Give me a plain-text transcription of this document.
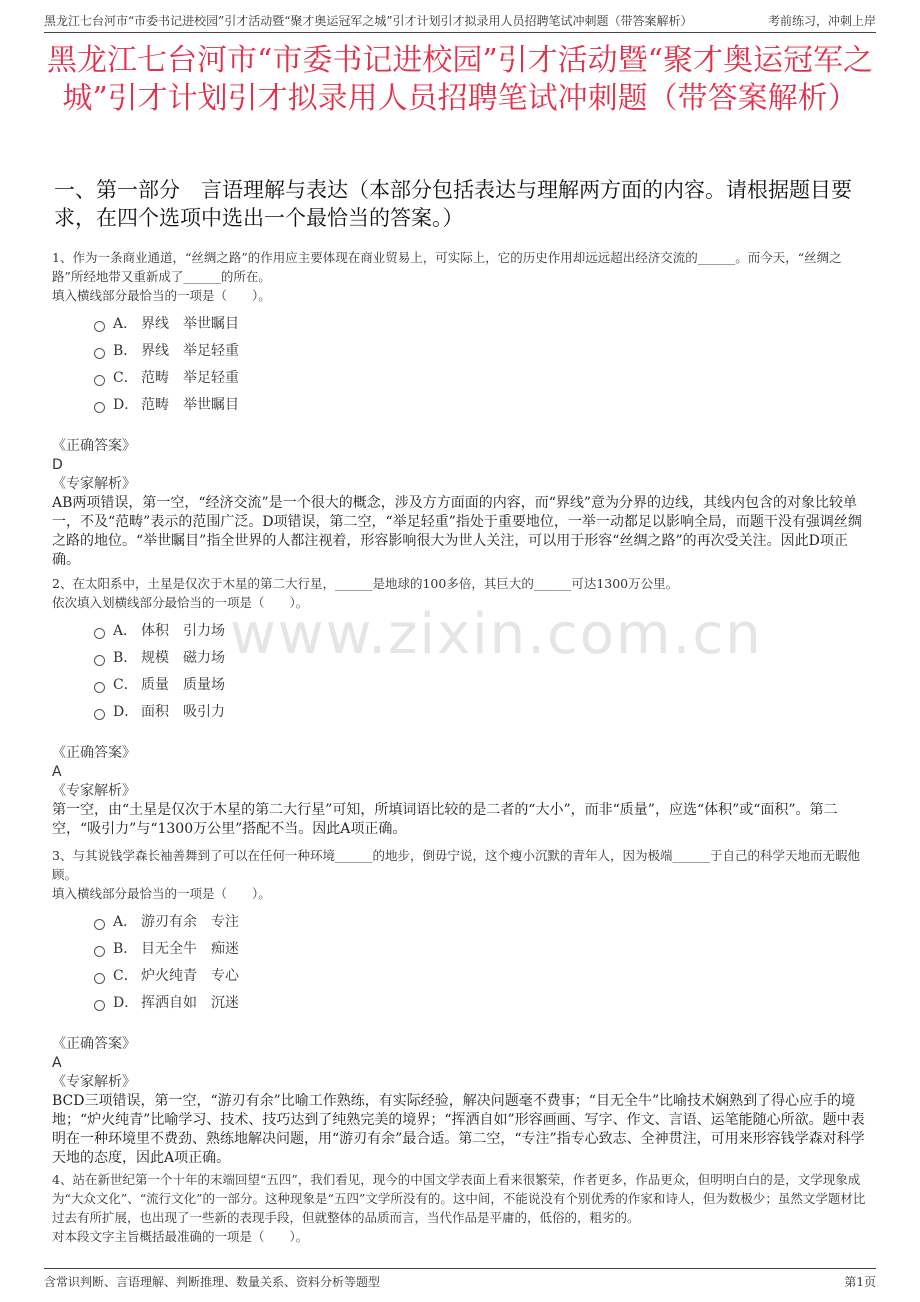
黑龙江七台河市“市委书记进校园”引才活动暨“聚才奥运冠军之城”引才计划引才拟录用人员招聘笔试冲刺题（带答案解析）	考前练习，冲刺上岸
黑龙江七台河市“市委书记进校园”引才活动暨“聚才奥运冠军之城”引才计划引才拟录用人员招聘笔试冲刺题（带答案解析）
一、第一部分　言语理解与表达（本部分包括表达与理解两方面的内容。请根据题目要求，在四个选项中选出一个最恰当的答案。）
www.zixin.com.cn

1、作为一条商业通道，“丝绸之路”的作用应主要体现在商业贸易上，可实际上，它的历史作用却远远超出经济交流的______。而今天，“丝绸之路”所经地带又重新成了______的所在。

填入横线部分最恰当的一项是（　　）。

A． 界线　举世瞩目
B． 界线　举足轻重
C． 范畴　举足轻重
D． 范畴　举世瞩目
《正确答案》
D
《专家解析》
AB两项错误，第一空，“经济交流”是一个很大的概念，涉及方方面面的内容，而“界线”意为分界的边线，其线内包含的对象比较单一，不及“范畴”表示的范围广泛。D项错误，第二空，“举足轻重”指处于重要地位，一举一动都足以影响全局，而题干没有强调丝绸之路的地位。“举世瞩目”指全世界的人都注视着，形容影响很大为世人关注，可以用于形容“丝绸之路”的再次受关注。因此D项正确。

2、在太阳系中，土星是仅次于木星的第二大行星，______是地球的100多倍，其巨大的______可达1300万公里。

依次填入划横线部分最恰当的一项是（　　）。

A． 体积　引力场
B． 规模　磁力场
C． 质量　质量场
D． 面积　吸引力
《正确答案》
A
《专家解析》
第一空，由“土星是仅次于木星的第二大行星”可知，所填词语比较的是二者的“大小”，而非“质量”，应选“体积”或“面积”。第二空，“吸引力”与“1300万公里”搭配不当。因此A项正确。

3、与其说钱学森长袖善舞到了可以在任何一种环境______的地步，倒毋宁说，这个瘦小沉默的青年人，因为极端______于自己的科学天地而无暇他顾。

填入横线部分最恰当的一项是（　　）。

A． 游刃有余　专注
B． 目无全牛　痴迷
C． 炉火纯青　专心
D． 挥洒自如　沉迷
《正确答案》
A
《专家解析》
BCD三项错误，第一空，“游刃有余”比喻工作熟练，有实际经验，解决问题毫不费事；“目无全牛”比喻技术娴熟到了得心应手的境地；“炉火纯青”比喻学习、技术、技巧达到了纯熟完美的境界；“挥洒自如”形容画画、写字、作文、言语、运笔能随心所欲。题中表明在一种环境里不费劲、熟练地解决问题，用“游刃有余”最合适。第二空，“专注”指专心致志、全神贯注，可用来形容钱学森对科学天地的态度，因此A项正确。

4、站在新世纪第一个十年的末端回望“五四”，我们看见，现今的中国文学表面上看来很繁荣，作者更多，作品更众，但明明白白的是，文学现象成为“大众文化”、“流行文化”的一部分。这种现象是“五四”文学所没有的。这中间，不能说没有个别优秀的作家和诗人，但为数极少；虽然文学题材比过去有所扩展，也出现了一些新的表现手段，但就整体的品质而言，当代作品是平庸的，低俗的，粗劣的。

对本段文字主旨概括最准确的一项是（　　）。

含常识判断、言语理解、判断推理、数量关系、资料分析等题型	第1页
